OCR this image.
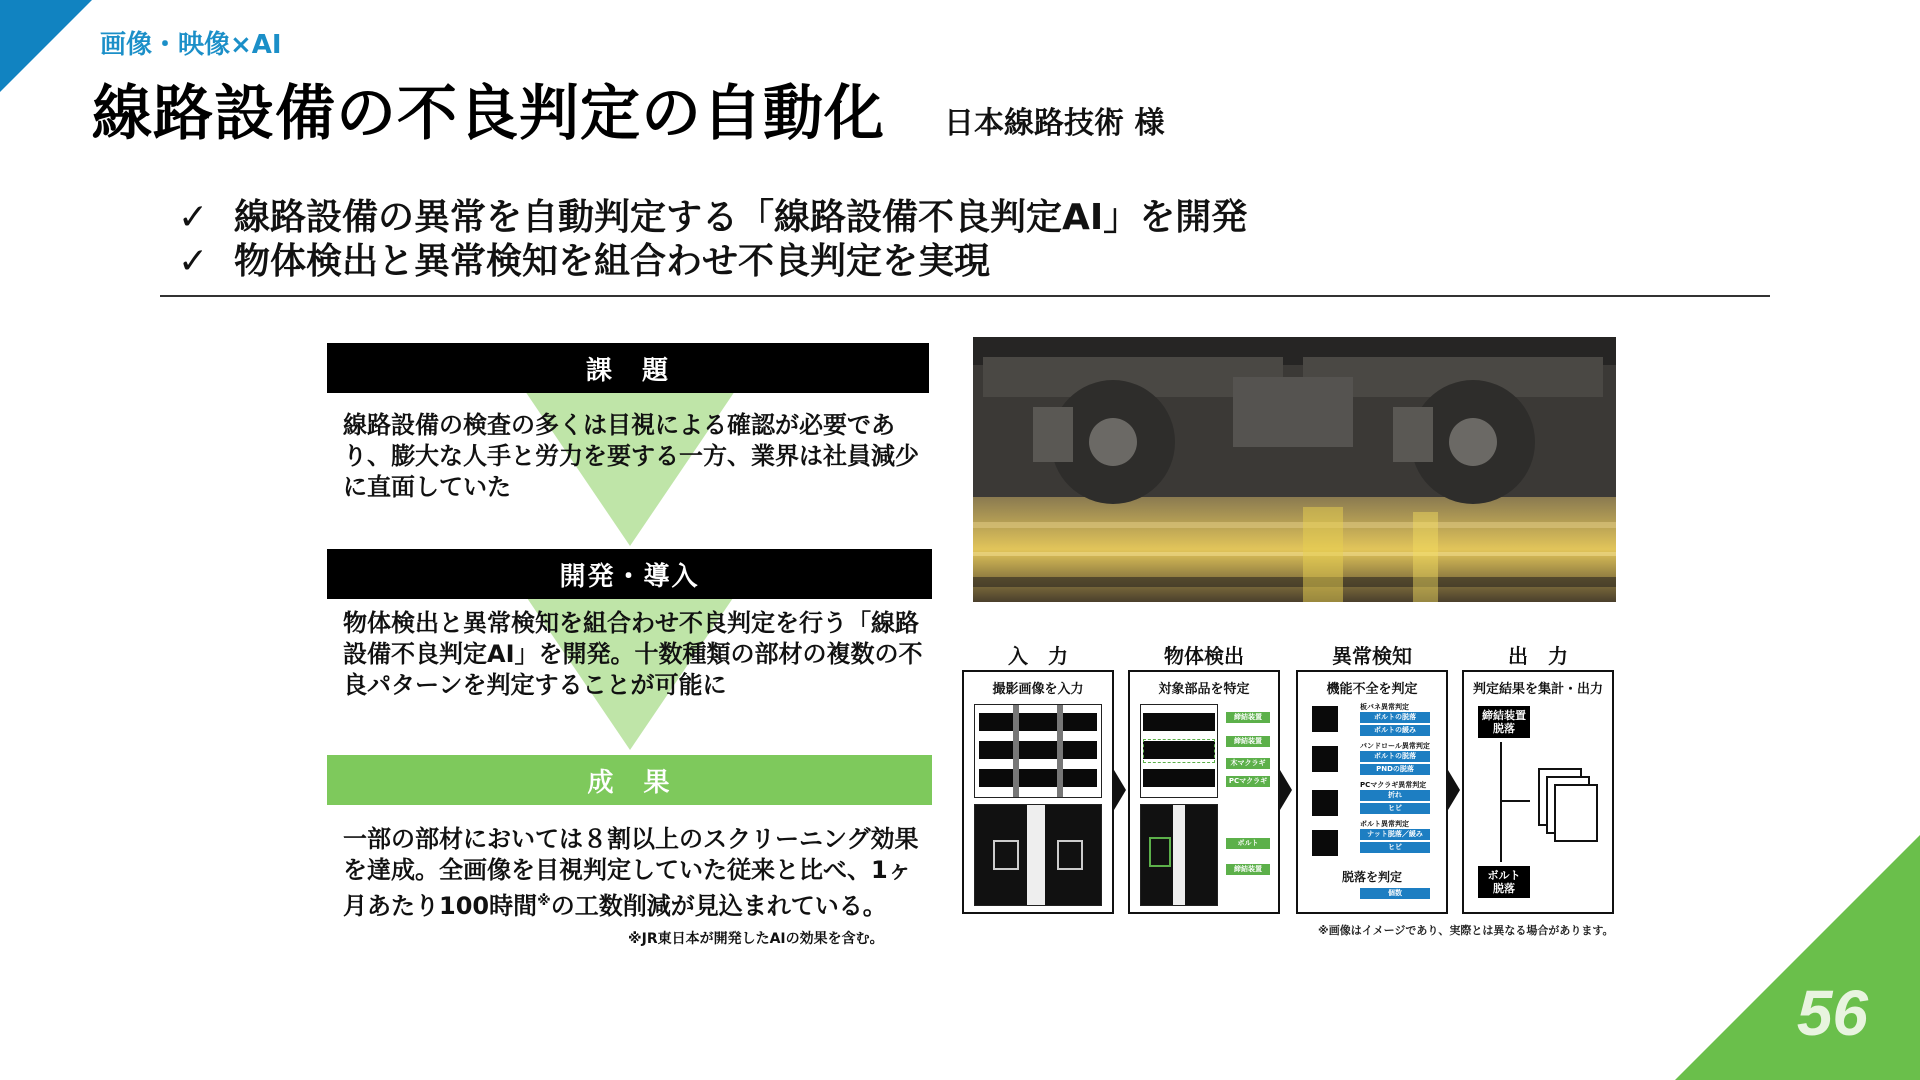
56
画像・映像×AI
線路設備の不良判定の自動化 日本線路技術 様
✓ 線路設備の異常を自動判定する「線路設備不良判定AI」を開発
✓ 物体検出と異常検知を組合わせ不良判定を実現
課　題
線路設備の検査の多くは目視による確認が必要であり、膨大な人手と労力を要する一方、業界は社員減少に直面していた
開発・導入
物体検出と異常検知を組合わせ不良判定を行う「線路設備不良判定AI」を開発。十数種類の部材の複数の不良パターンを判定することが可能に
成　果
一部の部材においては８割以上のスクリーニング効果を達成。全画像を目視判定していた従来と比べ、1ヶ月あたり100時間※の工数削減が見込まれている。
※JR東日本が開発したAIの効果を含む。
入　力	物体検出	異常検知	出　力
撮影画像を入力	対象部品を特定
締結装置
締結装置
木マクラギ
PCマクラギ
ボルト
締結装置
機能不全を判定
板バネ異常判定
ボルトの脱落
ボルトの緩み
パンドロール異常判定
ボルトの脱落
PNDの脱落
PCマクラギ異常判定
折れ
ヒビ
ボルト異常判定
ナット脱落／緩み
ヒビ
脱落を判定
個数
判定結果を集計・出力
締結装置
脱落
ボルト
脱落
※画像はイメージであり、実際とは異なる場合があります。
